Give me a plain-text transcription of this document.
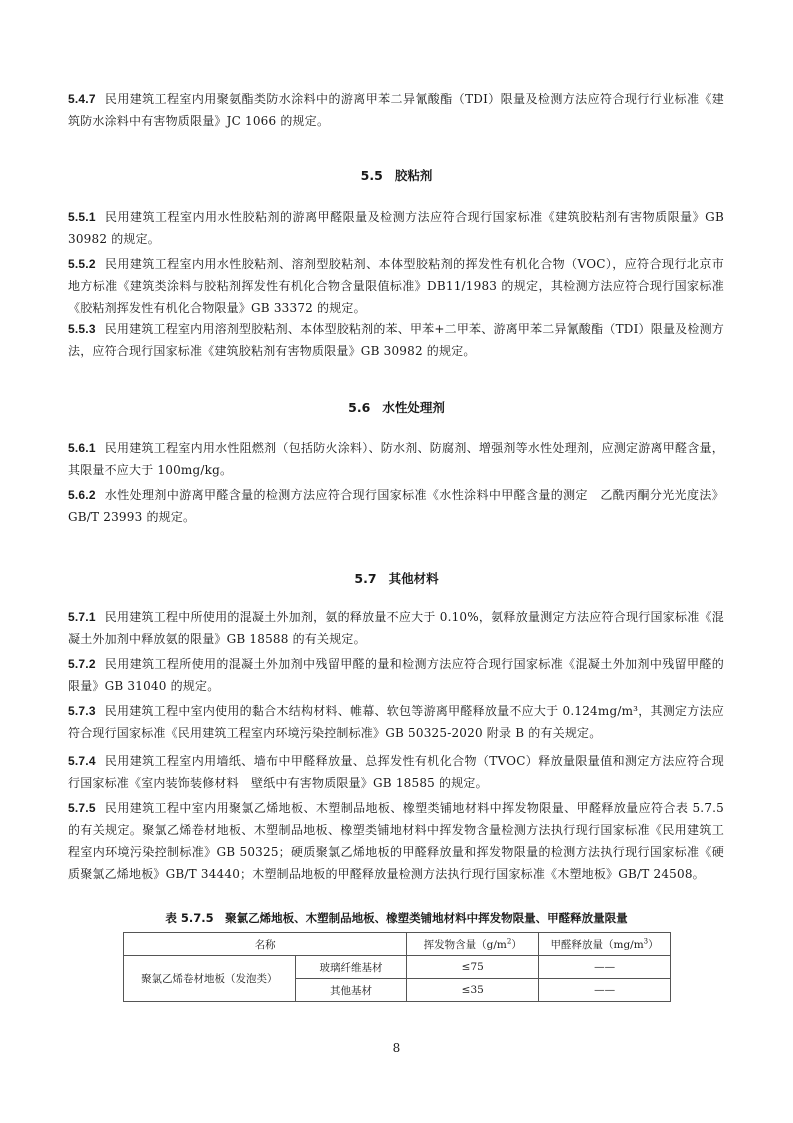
5.4.7 民用建筑工程室内用聚氨酯类防水涂料中的游离甲苯二异氰酸酯（TDI）限量及检测方法应符合现行行业标准《建筑防水涂料中有害物质限量》JC 1066 的规定。

5.5 胶粘剂

5.5.1 民用建筑工程室内用水性胶粘剂的游离甲醛限量及检测方法应符合现行国家标准《建筑胶粘剂有害物质限量》GB 30982 的规定。

5.5.2 民用建筑工程室内用水性胶粘剂、溶剂型胶粘剂、本体型胶粘剂的挥发性有机化合物（VOC），应符合现行北京市地方标准《建筑类涂料与胶粘剂挥发性有机化合物含量限值标准》DB11/1983 的规定，其检测方法应符合现行国家标准《胶粘剂挥发性有机化合物限量》GB 33372 的规定。

5.5.3 民用建筑工程室内用溶剂型胶粘剂、本体型胶粘剂的苯、甲苯+二甲苯、游离甲苯二异氰酸酯（TDI）限量及检测方法，应符合现行国家标准《建筑胶粘剂有害物质限量》GB 30982 的规定。

5.6 水性处理剂

5.6.1 民用建筑工程室内用水性阻燃剂（包括防火涂料）、防水剂、防腐剂、增强剂等水性处理剂，应测定游离甲醛含量，其限量不应大于 100mg/kg。

5.6.2 水性处理剂中游离甲醛含量的检测方法应符合现行国家标准《水性涂料中甲醛含量的测定　乙酰丙酮分光光度法》GB/T 23993 的规定。

5.7 其他材料

5.7.1 民用建筑工程中所使用的混凝土外加剂，氨的释放量不应大于 0.10%，氨释放量测定方法应符合现行国家标准《混凝土外加剂中释放氨的限量》GB 18588 的有关规定。

5.7.2 民用建筑工程所使用的混凝土外加剂中残留甲醛的量和检测方法应符合现行国家标准《混凝土外加剂中残留甲醛的限量》GB 31040 的规定。

5.7.3 民用建筑工程中室内使用的黏合木结构材料、帷幕、软包等游离甲醛释放量不应大于 0.124mg/m³，其测定方法应符合现行国家标准《民用建筑工程室内环境污染控制标准》GB 50325-2020 附录 B 的有关规定。

5.7.4 民用建筑工程室内用墙纸、墙布中甲醛释放量、总挥发性有机化合物（TVOC）释放量限量值和测定方法应符合现行国家标准《室内装饰装修材料　壁纸中有害物质限量》GB 18585 的规定。

5.7.5 民用建筑工程中室内用聚氯乙烯地板、木塑制品地板、橡塑类铺地材料中挥发物限量、甲醛释放量应符合表 5.7.5 的有关规定。聚氯乙烯卷材地板、木塑制品地板、橡塑类铺地材料中挥发物含量检测方法执行现行国家标准《民用建筑工程室内环境污染控制标准》GB 50325；硬质聚氯乙烯地板的甲醛释放量和挥发物限量的检测方法执行现行国家标准《硬质聚氯乙烯地板》GB/T 34440；木塑制品地板的甲醛释放量检测方法执行现行国家标准《木塑地板》GB/T 24508。

表 5.7.5　聚氯乙烯地板、木塑制品地板、橡塑类铺地材料中挥发物限量、甲醛释放量限量

名称		挥发物含量$(g/m^2)$	甲醛释放量$(mg/m^3)$
聚氯乙烯卷材地板（发泡类）	玻璃纤维基材	≤75	——
	其他基材	≤35	——

8
